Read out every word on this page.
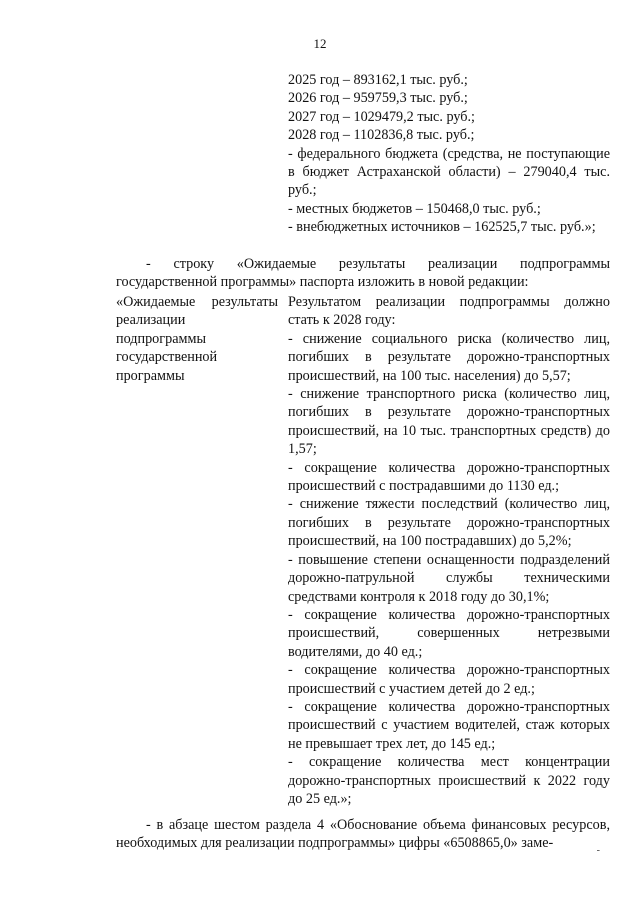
12
2025 год – 893162,1 тыс. руб.;
2026 год – 959759,3 тыс. руб.;
2027 год – 1029479,2 тыс. руб.;
2028 год – 1102836,8 тыс. руб.;
- федерального бюджета (средства, не поступающие в бюджет Астраханской области) – 279040,4 тыс. руб.;
- местных бюджетов – 150468,0 тыс. руб.;
- внебюджетных источников – 162525,7 тыс. руб.»;
- строку «Ожидаемые результаты реализации подпрограммы государственной программы» паспорта изложить в новой редакции:
«Ожидаемые результаты реализации подпрограммы государственной программы
Результатом реализации подпрограммы должно стать к 2028 году:
- снижение социального риска (количество лиц, погибших в результате дорожно-транспортных происшествий, на 100 тыс. населения) до 5,57;
- снижение транспортного риска (количество лиц, погибших в результате дорожно-транспортных происшествий, на 10 тыс. транспортных средств) до 1,57;
- сокращение количества дорожно-транспортных происшествий с пострадавшими до 1130 ед.;
- снижение тяжести последствий (количество лиц, погибших в результате дорожно-транспортных происшествий, на 100 пострадавших) до 5,2%;
- повышение степени оснащенности подразделений дорожно-патрульной службы техническими средствами контроля к 2018 году до 30,1%;
- сокращение количества дорожно-транспортных происшествий, совершенных нетрезвыми водителями, до 40 ед.;
- сокращение количества дорожно-транспортных происшествий с участием детей до 2 ед.;
- сокращение количества дорожно-транспортных происшествий с участием водителей, стаж которых не превышает трех лет, до 145 ед.;
- сокращение количества мест концентрации дорожно-транспортных происшествий к 2022 году до 25 ед.»;
- в абзаце шестом раздела 4 «Обоснование объема финансовых ресурсов, необходимых для реализации подпрограммы» цифры «6508865,0» заме-	-
